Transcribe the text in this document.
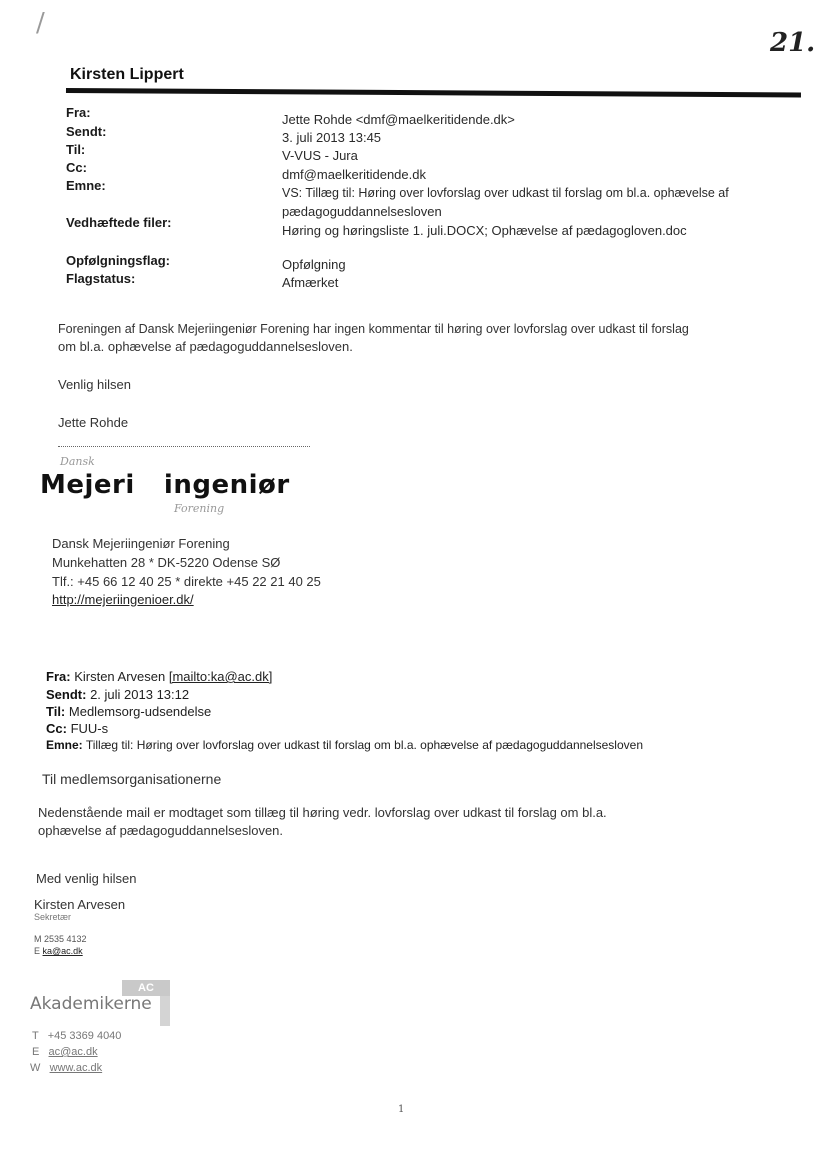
/
21.
Kirsten Lippert
Fra:
Sendt:
Til:
Cc:
Emne:
Vedhæftede filer:
Opfølgningsflag:
Flagstatus:
Jette Rohde <dmf@maelkeritidende.dk>
3. juli 2013 13:45
V-VUS - Jura
dmf@maelkeritidende.dk
VS: Tillæg til: Høring over lovforslag over udkast til forslag om bl.a. ophævelse af
pædagoguddannelsesloven
Høring og høringsliste 1. juli.DOCX; Ophævelse af pædagogloven.doc
Opfølgning
Afmærket
Foreningen af Dansk Mejeriingeniør Forening har ingen kommentar til høring over lovforslag over udkast til forslag
om bl.a. ophævelse af pædagoguddannelsesloven.
Venlig hilsen
Jette Rohde
Dansk
Mejeri ingeniør
Forening
Dansk Mejeriingeniør Forening
Munkehatten 28 * DK-5220 Odense SØ
Tlf.: +45 66 12 40 25 * direkte +45 22 21 40 25
http://mejeriingenioer.dk/
Fra: Kirsten Arvesen [mailto:ka@ac.dk]
Sendt: 2. juli 2013 13:12
Til: Medlemsorg-udsendelse
Cc: FUU-s
Emne: Tillæg til: Høring over lovforslag over udkast til forslag om bl.a. ophævelse af pædagoguddannelsesloven
Til medlemsorganisationerne
Nedenstående mail er modtaget som tillæg til høring vedr. lovforslag over udkast til forslag om bl.a.
ophævelse af pædagoguddannelsesloven.
Med venlig hilsen
Kirsten Arvesen
Sekretær
M 2535 4132
E ka@ac.dk
AC
Akademikerne
T +45 3369 4040
E ac@ac.dk
W www.ac.dk
1
